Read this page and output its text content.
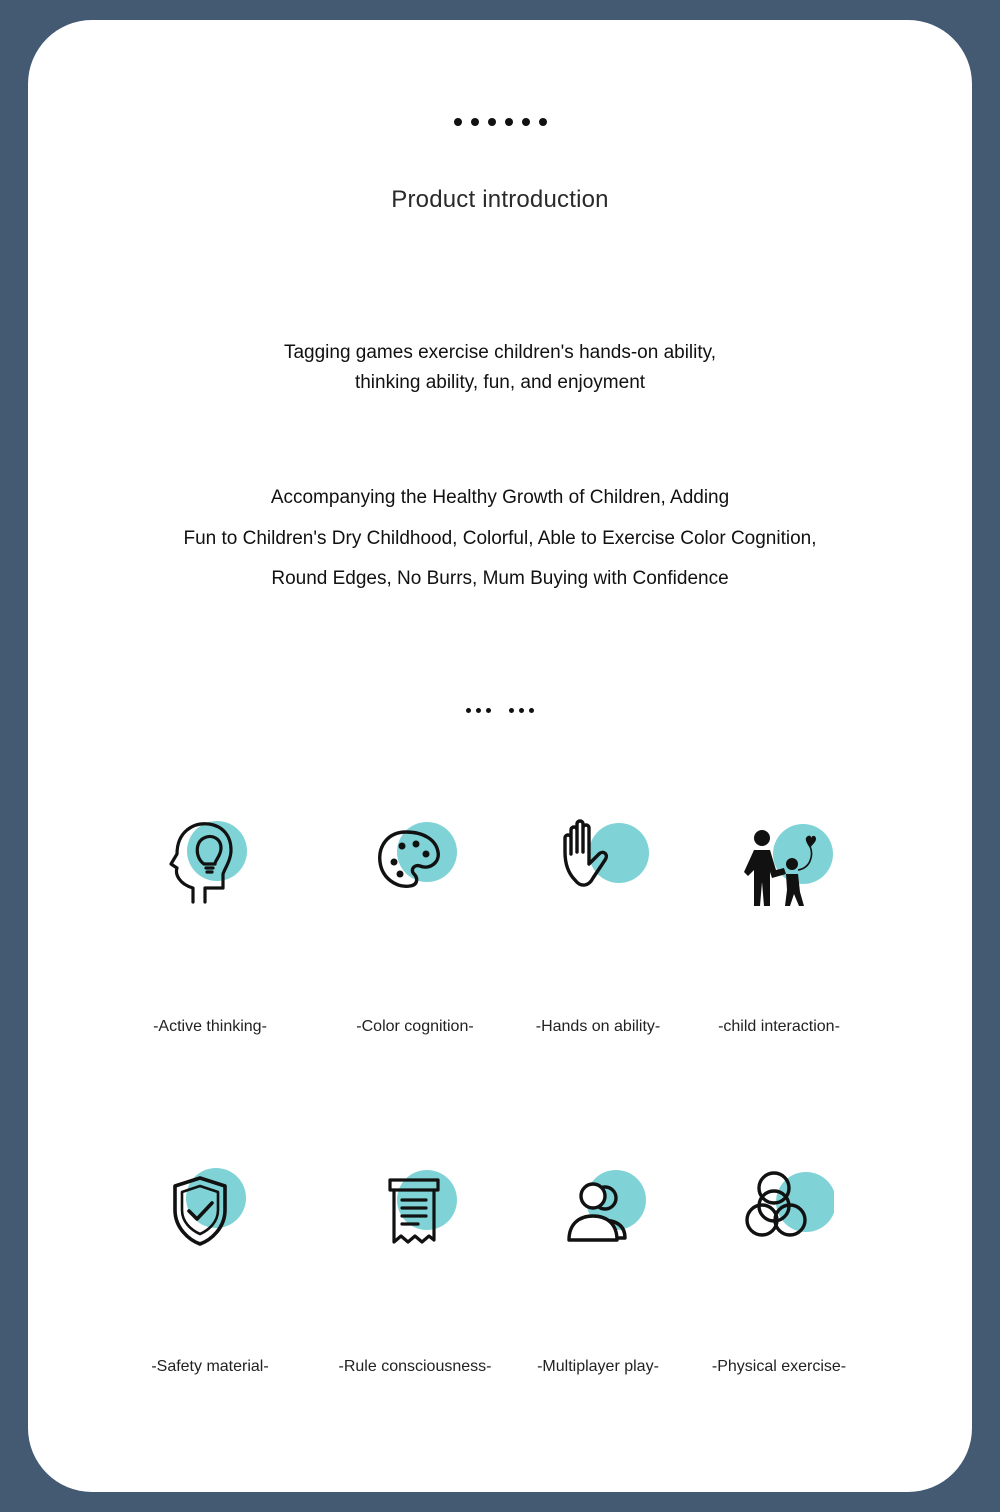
Product introduction
Tagging games exercise children's hands-on ability,
thinking ability, fun, and enjoyment
Accompanying the Healthy Growth of Children, Adding
Fun to Children's Dry Childhood, Colorful, Able to Exercise Color Cognition,
Round Edges, No Burrs, Mum Buying with Confidence
-Active thinking-	-Color cognition-	-Hands on ability-	-child interaction-
-Safety material-	-Rule consciousness-	-Multiplayer play-	-Physical exercise-
